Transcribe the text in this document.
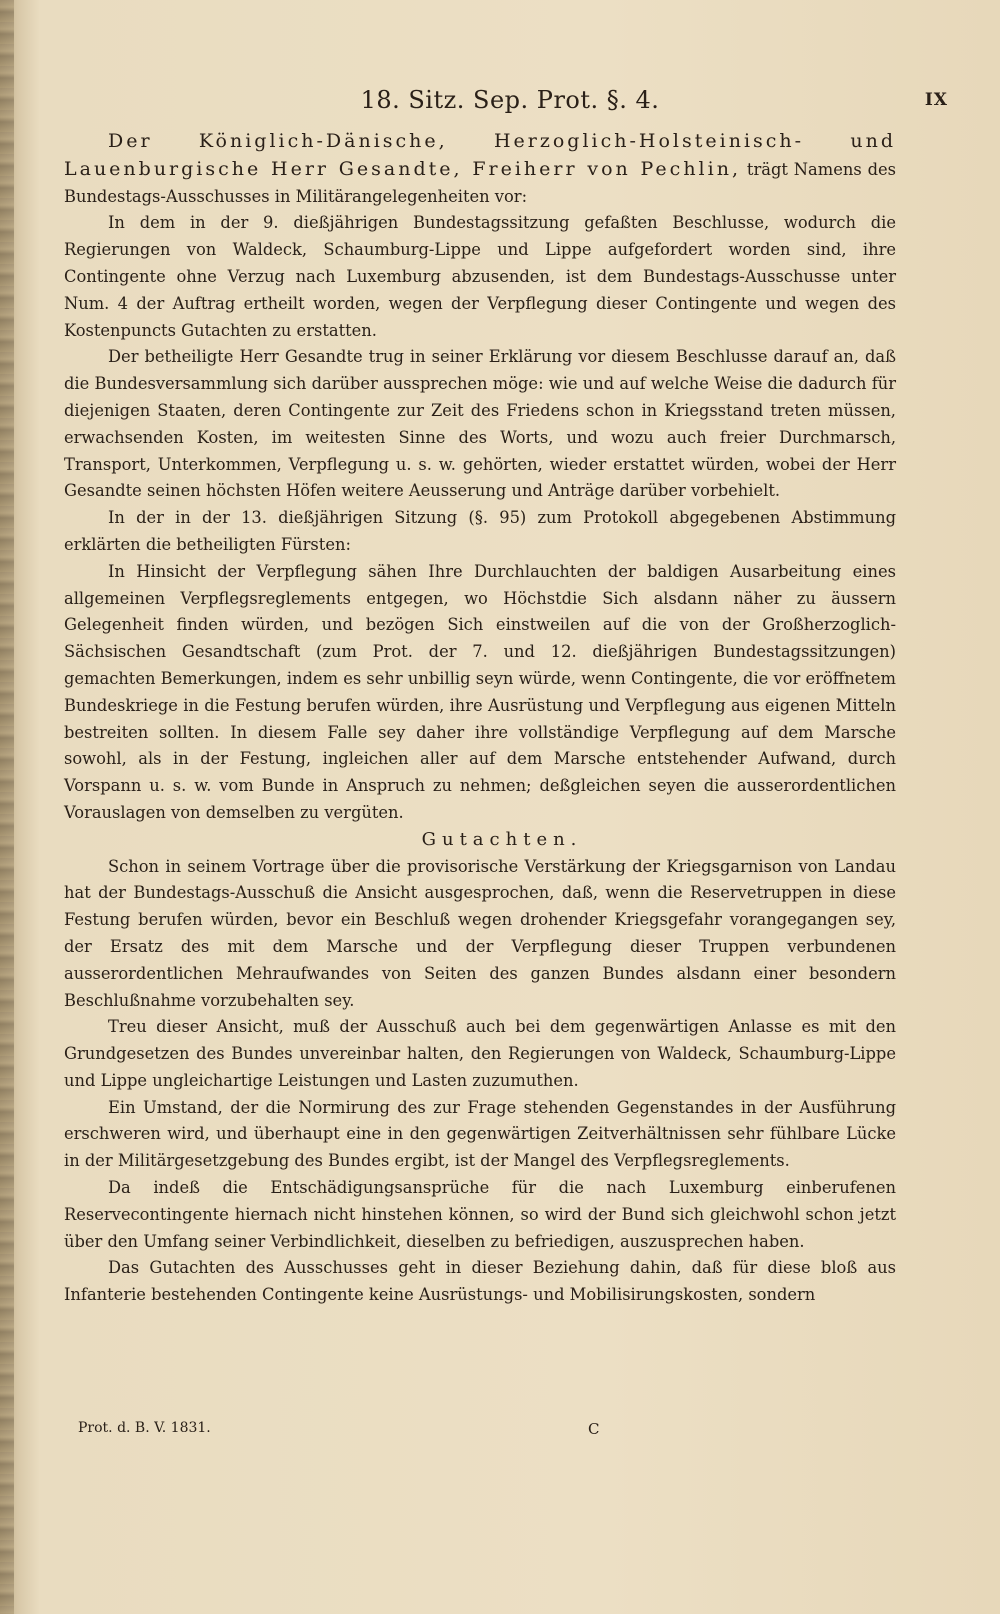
18. Sitz. Sep. Prot. §. 4.	IX

Der Königlich-Dänische, Herzoglich-Holsteinisch- und Lauenburgische Herr Gesandte, Freiherr von Pechlin, trägt Namens des Bundestags-Ausschusses in Militärangelegenheiten vor:

In dem in der 9. dießjährigen Bundestagssitzung gefaßten Beschlusse, wodurch die Regierungen von Waldeck, Schaumburg-Lippe und Lippe aufgefordert worden sind, ihre Contingente ohne Verzug nach Luxemburg abzusenden, ist dem Bundestags-Ausschusse unter Num. 4 der Auftrag ertheilt worden, wegen der Verpflegung dieser Contingente und wegen des Kostenpuncts Gutachten zu erstatten.

Der betheiligte Herr Gesandte trug in seiner Erklärung vor diesem Beschlusse darauf an, daß die Bundesversammlung sich darüber aussprechen möge: wie und auf welche Weise die dadurch für diejenigen Staaten, deren Contingente zur Zeit des Friedens schon in Kriegsstand treten müssen, erwachsenden Kosten, im weitesten Sinne des Worts, und wozu auch freier Durchmarsch, Transport, Unterkommen, Verpflegung u. s. w. gehörten, wieder erstattet würden, wobei der Herr Gesandte seinen höchsten Höfen weitere Aeusserung und Anträge darüber vorbehielt.

In der in der 13. dießjährigen Sitzung (§. 95) zum Protokoll abgegebenen Abstimmung erklärten die betheiligten Fürsten:

In Hinsicht der Verpflegung sähen Ihre Durchlauchten der baldigen Ausarbeitung eines allgemeinen Verpflegsreglements entgegen, wo Höchstdie Sich alsdann näher zu äussern Gelegenheit finden würden, und bezögen Sich einstweilen auf die von der Großherzoglich-Sächsischen Gesandtschaft (zum Prot. der 7. und 12. dießjährigen Bundestagssitzungen) gemachten Bemerkungen, indem es sehr unbillig seyn würde, wenn Contingente, die vor eröffnetem Bundeskriege in die Festung berufen würden, ihre Ausrüstung und Verpflegung aus eigenen Mitteln bestreiten sollten. In diesem Falle sey daher ihre vollständige Verpflegung auf dem Marsche sowohl, als in der Festung, ingleichen aller auf dem Marsche entstehender Aufwand, durch Vorspann u. s. w. vom Bunde in Anspruch zu nehmen; deßgleichen seyen die ausserordentlichen Vorauslagen von demselben zu vergüten.

Gutachten.

Schon in seinem Vortrage über die provisorische Verstärkung der Kriegsgarnison von Landau hat der Bundestags-Ausschuß die Ansicht ausgesprochen, daß, wenn die Reservetruppen in diese Festung berufen würden, bevor ein Beschluß wegen drohender Kriegsgefahr vorangegangen sey, der Ersatz des mit dem Marsche und der Verpflegung dieser Truppen verbundenen ausserordentlichen Mehraufwandes von Seiten des ganzen Bundes alsdann einer besondern Beschlußnahme vorzubehalten sey.

Treu dieser Ansicht, muß der Ausschuß auch bei dem gegenwärtigen Anlasse es mit den Grundgesetzen des Bundes unvereinbar halten, den Regierungen von Waldeck, Schaumburg-Lippe und Lippe ungleichartige Leistungen und Lasten zuzumuthen.

Ein Umstand, der die Normirung des zur Frage stehenden Gegenstandes in der Ausführung erschweren wird, und überhaupt eine in den gegenwärtigen Zeitverhältnissen sehr fühlbare Lücke in der Militärgesetzgebung des Bundes ergibt, ist der Mangel des Verpflegsreglements.

Da indeß die Entschädigungsansprüche für die nach Luxemburg einberufenen Reservecontingente hiernach nicht hinstehen können, so wird der Bund sich gleichwohl schon jetzt über den Umfang seiner Verbindlichkeit, dieselben zu befriedigen, auszusprechen haben.

Das Gutachten des Ausschusses geht in dieser Beziehung dahin, daß für diese bloß aus Infanterie bestehenden Contingente keine Ausrüstungs- und Mobilisirungskosten, sondern

Prot. d. B. V. 1831.	C
